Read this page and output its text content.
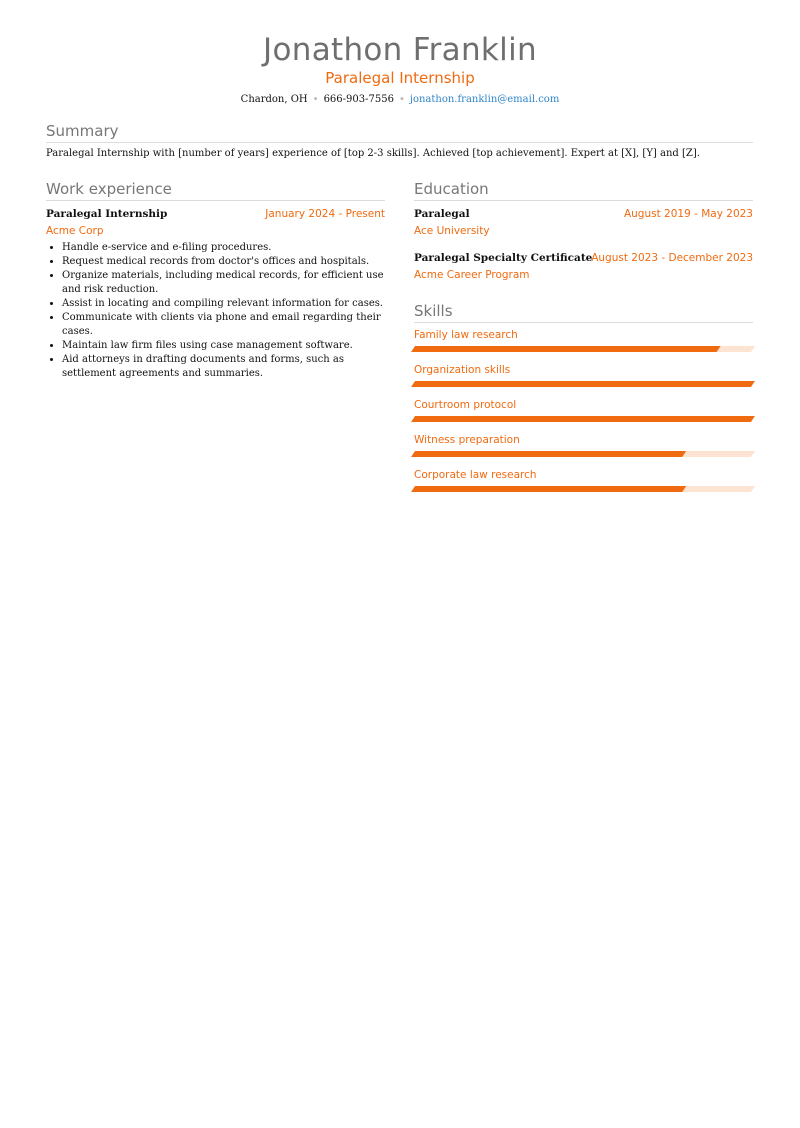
Jonathon Franklin
Paralegal Internship
Chardon, OH • 666-903-7556 • jonathon.franklin@email.com
Summary
Paralegal Internship with [number of years] experience of [top 2-3 skills]. Achieved [top achievement]. Expert at [X], [Y] and [Z].
Work experience
Paralegal Internship	January 2024 - Present
Acme Corp
• Handle e-service and e-filing procedures.
• Request medical records from doctor's offices and hospitals.
• Organize materials, including medical records, for efficient use and risk reduction.
• Assist in locating and compiling relevant information for cases.
• Communicate with clients via phone and email regarding their cases.
• Maintain law firm files using case management software.
• Aid attorneys in drafting documents and forms, such as settlement agreements and summaries.
Education
Paralegal	August 2019 - May 2023
Ace University
Paralegal Specialty Certificate
August 2023 - December 2023
Acme Career Program
Skills
Family law research
Organization skills
Courtroom protocol
Witness preparation
Corporate law research
